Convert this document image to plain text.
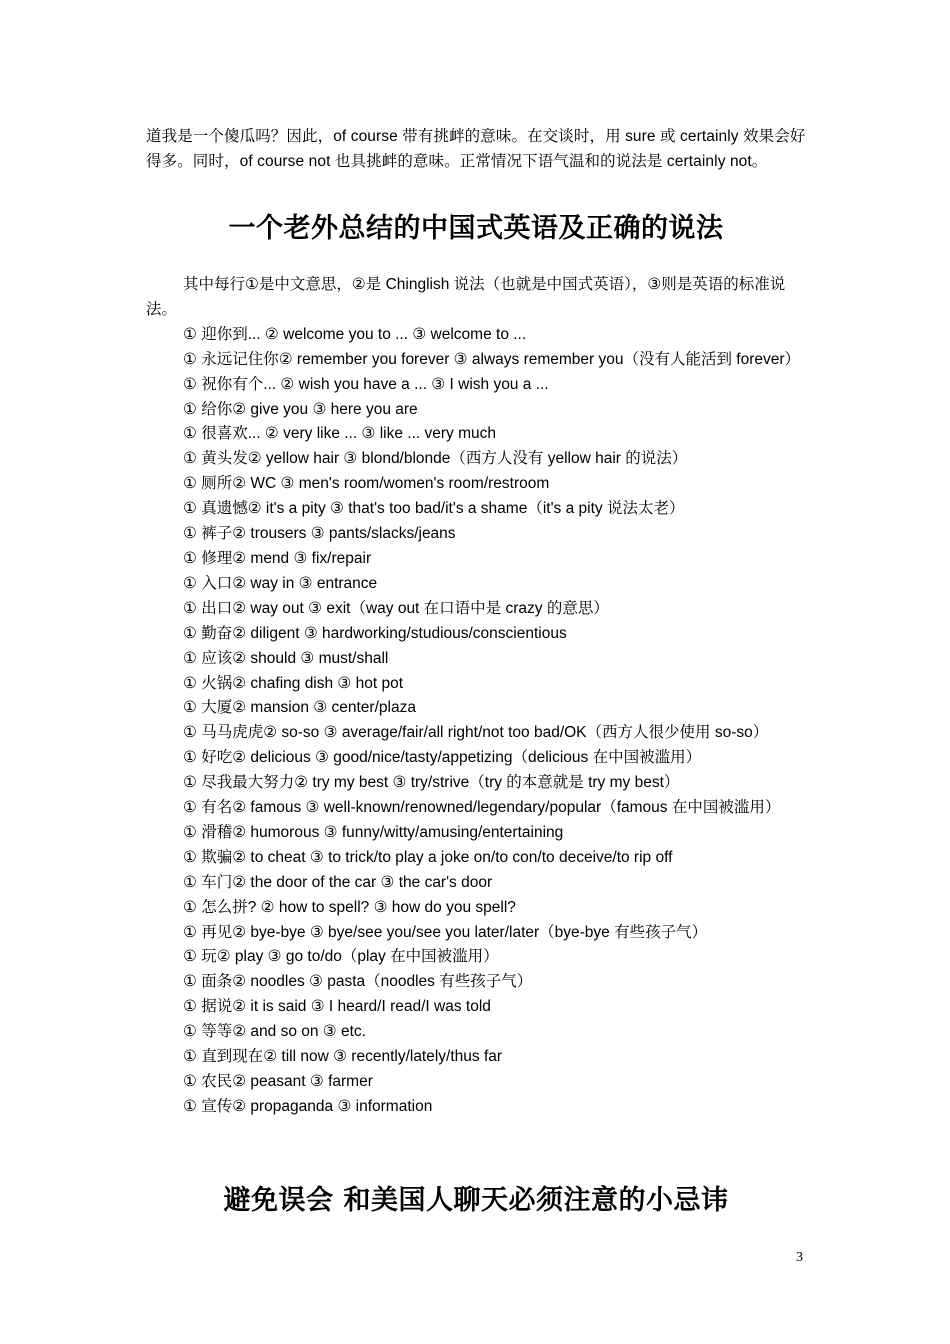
道我是一个傻瓜吗？因此，of course 带有挑衅的意味。在交谈时，用 sure 或 certainly 效果会好得多。同时，of course not 也具挑衅的意味。正常情况下语气温和的说法是 certainly not。

一个老外总结的中国式英语及正确的说法

其中每行①是中文意思，②是 Chinglish 说法（也就是中国式英语），③则是英语的标准说法。

① 迎你到... ② welcome you to ... ③ welcome to ...

① 永远记住你② remember you forever ③ always remember you（没有人能活到 forever）

① 祝你有个... ② wish you have a ... ③ I wish you a ...

① 给你② give you ③ here you are

① 很喜欢... ② very like ... ③ like ... very much

① 黄头发② yellow hair ③ blond/blonde（西方人没有 yellow hair 的说法）

① 厕所② WC ③ men's room/women's room/restroom

① 真遗憾② it's a pity ③ that's too bad/it's a shame（it's a pity 说法太老）

① 裤子② trousers ③ pants/slacks/jeans

① 修理② mend ③ fix/repair

① 入口② way in ③ entrance

① 出口② way out ③ exit（way out 在口语中是 crazy 的意思）

① 勤奋② diligent ③ hardworking/studious/conscientious

① 应该② should ③ must/shall

① 火锅② chafing dish ③ hot pot

① 大厦② mansion ③ center/plaza

① 马马虎虎② so-so ③ average/fair/all right/not too bad/OK（西方人很少使用 so-so）

① 好吃② delicious ③ good/nice/tasty/appetizing（delicious 在中国被滥用）

① 尽我最大努力② try my best ③ try/strive（try 的本意就是 try my best）

① 有名② famous ③ well-known/renowned/legendary/popular（famous 在中国被滥用）

① 滑稽② humorous ③ funny/witty/amusing/entertaining

① 欺骗② to cheat ③ to trick/to play a joke on/to con/to deceive/to rip off

① 车门② the door of the car ③ the car's door

① 怎么拼? ② how to spell? ③ how do you spell?

① 再见② bye-bye ③ bye/see you/see you later/later（bye-bye 有些孩子气）

① 玩② play ③ go to/do（play 在中国被滥用）

① 面条② noodles ③ pasta（noodles 有些孩子气）

① 据说② it is said ③ I heard/I read/I was told

① 等等② and so on ③ etc.

① 直到现在② till now ③ recently/lately/thus far

① 农民② peasant ③ farmer

① 宣传② propaganda ③ information

避免误会 和美国人聊天必须注意的小忌讳
3
